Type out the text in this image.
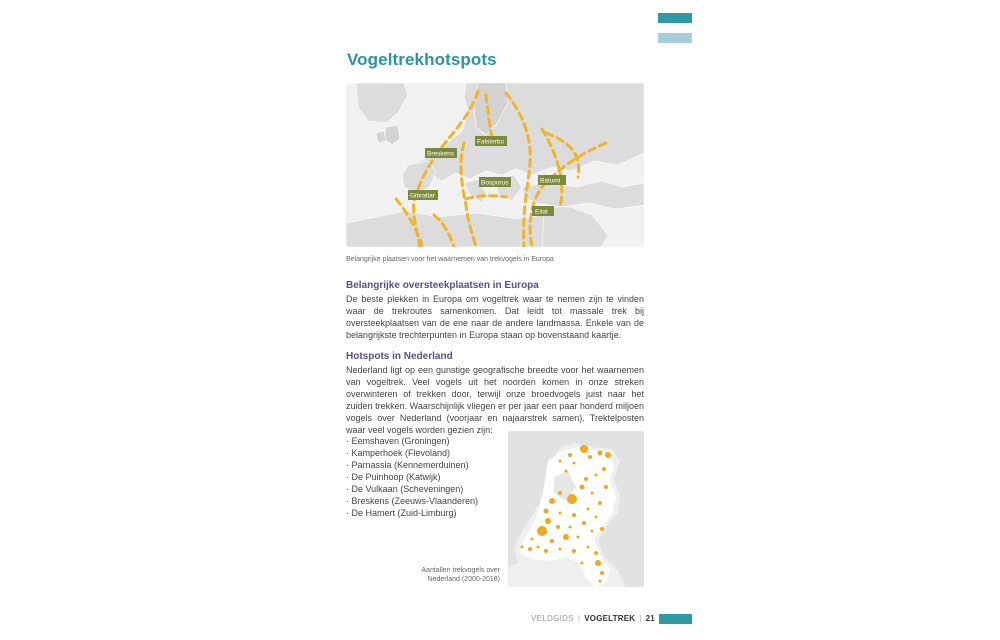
Vogeltrekhotspots
Breskens
Falsterbo
Gibraltar
Bosporus	Batumi
Eilat
Belangrijke plaatsen voor het waarnemen van trekvogels in Europa
Belangrijke oversteekplaatsen in Europa

De beste plekken in Europa om vogeltrek waar te nemen zijn te vinden waar de trekroutes samenkomen. Dat leidt tot massale trek bij oversteekplaatsen van de ene naar de andere landmassa. Enkele van de belangrijkste trechterpunten in Europa staan op bovenstaand kaartje.

Hotspots in Nederland

Nederland ligt op een gunstige geografische breedte voor het waarnemen van vogeltrek. Veel vogels uit het noorden komen in onze streken overwinteren of trekken door, terwijl onze broedvogels juist naar het zuiden trekken. Waarschijnlijk vliegen er per jaar een paar honderd miljoen vogels over Nederland (voorjaar en najaarstrek samen). Trektelposten waar veel vogels worden gezien zijn:

· Eemshaven (Groningen)
· Kamperhoek (Flevoland)
· Parnassia (Kennemerduinen)
· De Puinhoop (Katwijk)
· De Vulkaan (Scheveningen)
· Breskens (Zeeuws-Vlaanderen)
· De Hamert (Zuid-Limburg)
Aantallen trekvogels over Nederland (2000-2018)
VELDGIDS | VOGELTREK | 21
